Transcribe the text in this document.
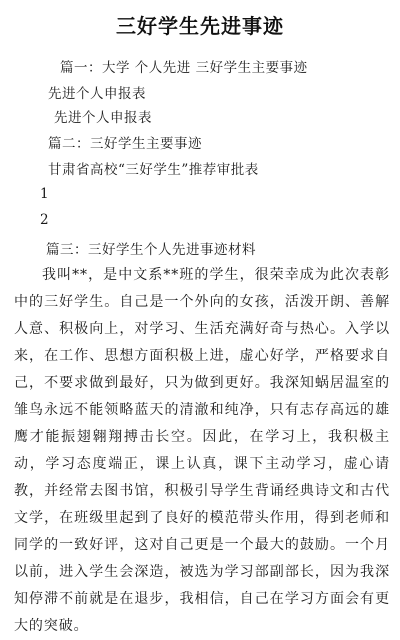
三好学生先进事迹
篇一：大学 个人先进 三好学生主要事迹
先进个人申报表
先进个人申报表
篇二：三好学生主要事迹
甘肃省高校“三好学生”推荐审批表
1
2
篇三：三好学生个人先进事迹材料

我叫**，是中文系**班的学生，很荣幸成为此次表彰中的三好学生。自己是一个外向的女孩，活泼开朗、善解人意、积极向上，对学习、生活充满好奇与热心。入学以来，在工作、思想方面积极上进，虚心好学，严格要求自己，不要求做到最好，只为做到更好。我深知蜗居温室的雏鸟永远不能领略蓝天的清澈和纯净，只有志存高远的雄鹰才能振翅翱翔搏击长空。因此，在学习上，我积极主动，学习态度端正，课上认真，课下主动学习，虚心请教，并经常去图书馆，积极引导学生背诵经典诗文和古代文学，在班级里起到了良好的模范带头作用，得到老师和同学的一致好评，这对自己更是一个最大的鼓励。一个月以前，进入学生会深造，被选为学习部副部长，因为我深知停滞不前就是在退步，我相信，自己在学习方面会有更大的突破。
